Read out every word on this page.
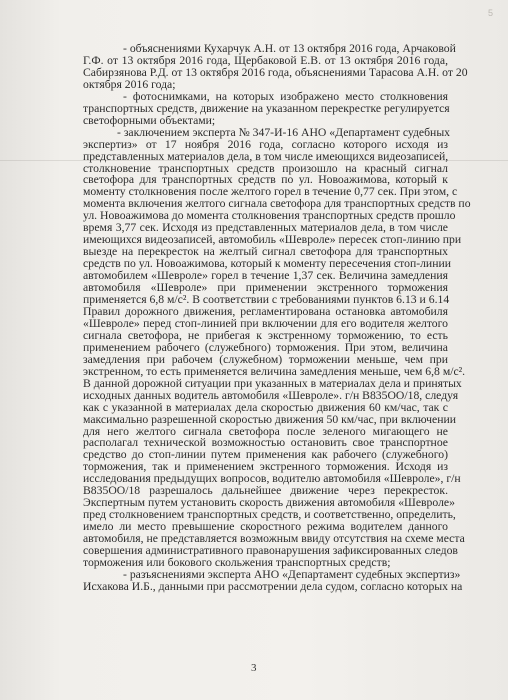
5
- объяснениями Кухарчук А.Н. от 13 октября 2016 года, Арчаковой
Г.Ф. от 13 октября 2016 года, Щербаковой Е.В. от 13 октября 2016 года,
Сабирзянова Р.Д. от 13 октября 2016 года, объяснениями Тарасова А.Н. от 20
октября 2016 года;
- фотоснимками, на которых изображено место столкновения
транспортных средств, движение на указанном перекрестке регулируется
светофорными объектами;
- заключением эксперта № 347-И-16 АНО «Департамент судебных
экспертиз» от 17 ноября 2016 года, согласно которого исходя из
представленных материалов дела, в том числе имеющихся видеозаписей,
столкновение транспортных средств произошло на красный сигнал
светофора для транспортных средств по ул. Новоажимова, который к
моменту столкновения после желтого горел в течение 0,77 сек. При этом, с
момента включения желтого сигнала светофора для транспортных средств по
ул. Новоажимова до момента столкновения транспортных средств прошло
время 3,77 сек. Исходя из представленных материалов дела, в том числе
имеющихся видеозаписей, автомобиль «Шевроле» пересек стоп-линию при
выезде на перекресток на желтый сигнал светофора для транспортных
средств по ул. Новоажимова, который к моменту пересечения стоп-линии
автомобилем «Шевроле» горел в течение 1,37 сек. Величина замедления
автомобиля «Шевроле» при применении экстренного торможения
применяется 6,8 м/с². В соответствии с требованиями пунктов 6.13 и 6.14
Правил дорожного движения, регламентирована остановка автомобиля
«Шевроле» перед стоп-линией при включении для его водителя желтого
сигнала светофора, не прибегая к экстренному торможению, то есть
применением рабочего (служебного) торможения. При этом, величина
замедления при рабочем (служебном) торможении меньше, чем при
экстренном, то есть применяется величина замедления меньше, чем 6,8 м/с².
В данной дорожной ситуации при указанных в материалах дела и принятых
исходных данных водитель автомобиля «Шевроле». г/н В835ОО/18, следуя
как с указанной в материалах дела скоростью движения 60 км/час, так с
максимально разрешенной скоростью движения 50 км/час, при включении
для него желтого сигнала светофора после зеленого мигающего не
располагал технической возможностью остановить свое транспортное
средство до стоп-линии путем применения как рабочего (служебного)
торможения, так и применением экстренного торможения. Исходя из
исследования предыдущих вопросов, водителю автомобиля «Шевроле», г/н
В835ОО/18 разрешалось дальнейшее движение через перекресток.
Экспертным путем установить скорость движения автомобиля «Шевроле»
пред столкновением транспортных средств, и соответственно, определить,
имело ли место превышение скоростного режима водителем данного
автомобиля, не представляется возможным ввиду отсутствия на схеме места
совершения административного правонарушения зафиксированных следов
торможения или бокового скольжения транспортных средств;
- разъяснениями эксперта АНО «Департамент судебных экспертиз»
Исхакова И.Б., данными при рассмотрении дела судом, согласно которых на
3
